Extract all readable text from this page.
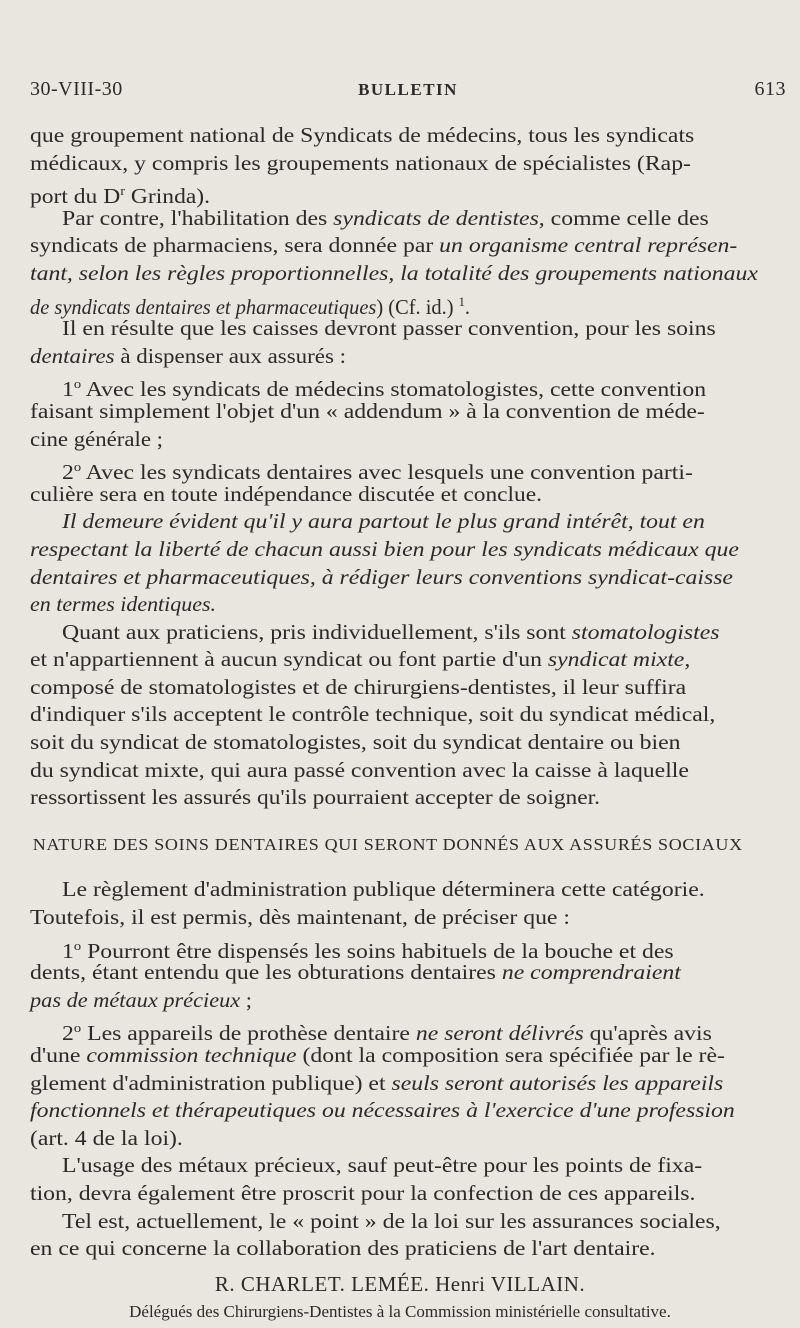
30-VIII-30	BULLETIN	613
que groupement national de Syndicats de médecins, tous les syndicats
médicaux, y compris les groupements nationaux de spécialistes (Rap-
port du $D^r$ Grinda).
Par contre, l'habilitation des syndicats de dentistes, comme celle des
syndicats de pharmaciens, sera donnée par un organisme central représen-
tant, selon les règles proportionnelles, la totalité des groupements nationaux
de syndicats dentaires et pharmaceutiques) (Cf. id.) $^1$.
Il en résulte que les caisses devront passer convention, pour les soins
dentaires à dispenser aux assurés :
1$^o$ Avec les syndicats de médecins stomatologistes, cette convention
faisant simplement l'objet d'un « addendum » à la convention de méde-
cine générale ;
2$^o$ Avec les syndicats dentaires avec lesquels une convention parti-
culière sera en toute indépendance discutée et conclue.
Il demeure évident qu'il y aura partout le plus grand intérêt, tout en
respectant la liberté de chacun aussi bien pour les syndicats médicaux que
dentaires et pharmaceutiques, à rédiger leurs conventions syndicat-caisse
en termes identiques.
Quant aux praticiens, pris individuellement, s'ils sont stomatologistes
et n'appartiennent à aucun syndicat ou font partie d'un syndicat mixte,
composé de stomatologistes et de chirurgiens-dentistes, il leur suffira
d'indiquer s'ils acceptent le contrôle technique, soit du syndicat médical,
soit du syndicat de stomatologistes, soit du syndicat dentaire ou bien
du syndicat mixte, qui aura passé convention avec la caisse à laquelle
ressortissent les assurés qu'ils pourraient accepter de soigner.
NATURE DES SOINS DENTAIRES QUI SERONT DONNÉS AUX ASSURÉS SOCIAUX
Le règlement d'administration publique déterminera cette catégorie.
Toutefois, il est permis, dès maintenant, de préciser que :
1$^o$ Pourront être dispensés les soins habituels de la bouche et des
dents, étant entendu que les obturations dentaires ne comprendraient
pas de métaux précieux ;
2$^o$ Les appareils de prothèse dentaire ne seront délivrés qu'après avis
d'une commission technique (dont la composition sera spécifiée par le rè-
glement d'administration publique) et seuls seront autorisés les appareils
fonctionnels et thérapeutiques ou nécessaires à l'exercice d'une profession
(art. 4 de la loi).
L'usage des métaux précieux, sauf peut-être pour les points de fixa-
tion, devra également être proscrit pour la confection de ces appareils.
Tel est, actuellement, le « point » de la loi sur les assurances sociales,
en ce qui concerne la collaboration des praticiens de l'art dentaire.
R. CHARLET. LEMÉE. Henri VILLAIN.
Délégués des Chirurgiens-Dentistes à la Commission ministérielle consultative.
